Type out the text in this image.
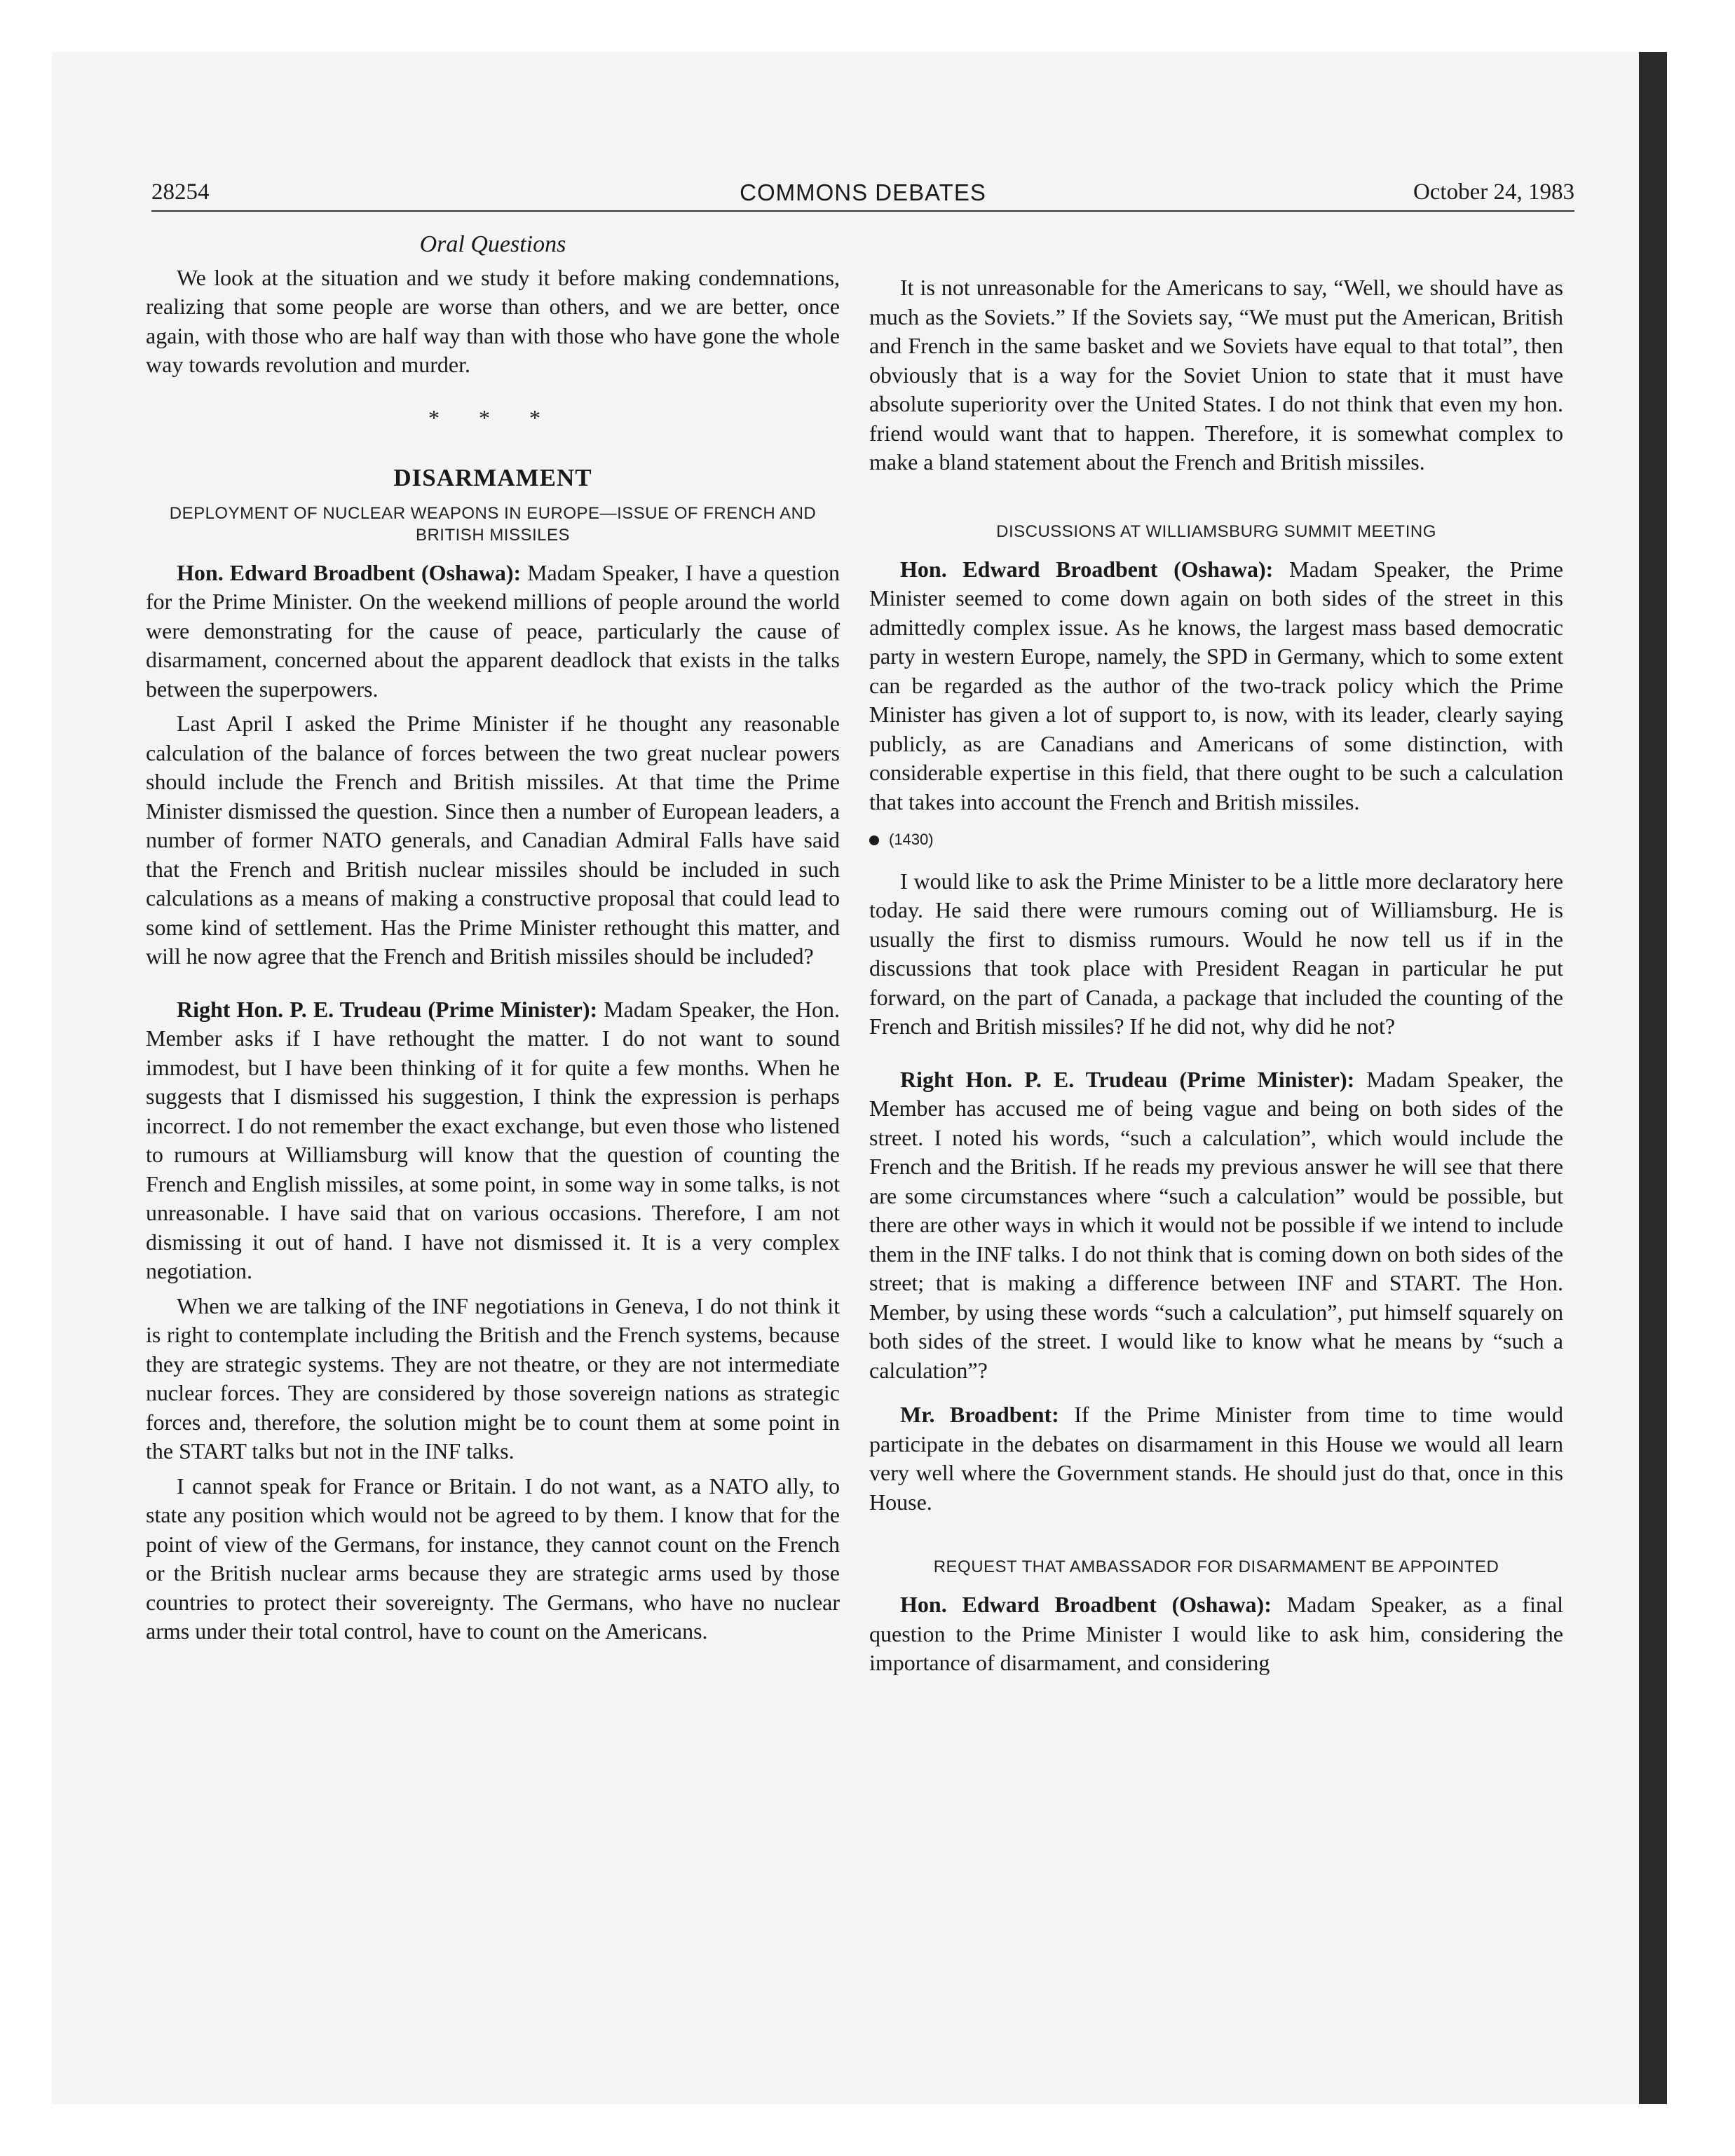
28254	COMMONS DEBATES	October 24, 1983
Oral Questions

We look at the situation and we study it before making condemnations, realizing that some people are worse than others, and we are better, once again, with those who are half way than with those who have gone the whole way towards revolution and murder.

* * *
DISARMAMENT
DEPLOYMENT OF NUCLEAR WEAPONS IN EUROPE—ISSUE OF FRENCH AND BRITISH MISSILES

Hon. Edward Broadbent (Oshawa): Madam Speaker, I have a question for the Prime Minister. On the weekend millions of people around the world were demonstrating for the cause of peace, particularly the cause of disarmament, concerned about the apparent deadlock that exists in the talks between the superpowers.

Last April I asked the Prime Minister if he thought any reasonable calculation of the balance of forces between the two great nuclear powers should include the French and British missiles. At that time the Prime Minister dismissed the question. Since then a number of European leaders, a number of former NATO generals, and Canadian Admiral Falls have said that the French and British nuclear missiles should be included in such calculations as a means of making a constructive proposal that could lead to some kind of settlement. Has the Prime Minister rethought this matter, and will he now agree that the French and British missiles should be included?

Right Hon. P. E. Trudeau (Prime Minister): Madam Speaker, the Hon. Member asks if I have rethought the matter. I do not want to sound immodest, but I have been thinking of it for quite a few months. When he suggests that I dismissed his suggestion, I think the expression is perhaps incorrect. I do not remember the exact exchange, but even those who listened to rumours at Williamsburg will know that the question of counting the French and English missiles, at some point, in some way in some talks, is not unreasonable. I have said that on various occasions. Therefore, I am not dismissing it out of hand. I have not dismissed it. It is a very complex negotiation.

When we are talking of the INF negotiations in Geneva, I do not think it is right to contemplate including the British and the French systems, because they are strategic systems. They are not theatre, or they are not intermediate nuclear forces. They are considered by those sovereign nations as strategic forces and, therefore, the solution might be to count them at some point in the START talks but not in the INF talks.

I cannot speak for France or Britain. I do not want, as a NATO ally, to state any position which would not be agreed to by them. I know that for the point of view of the Germans, for instance, they cannot count on the French or the British nuclear arms because they are strategic arms used by those countries to protect their sovereignty. The Germans, who have no nuclear arms under their total control, have to count on the Americans.

It is not unreasonable for the Americans to say, “Well, we should have as much as the Soviets.” If the Soviets say, “We must put the American, British and French in the same basket and we Soviets have equal to that total”, then obviously that is a way for the Soviet Union to state that it must have absolute superiority over the United States. I do not think that even my hon. friend would want that to happen. Therefore, it is somewhat complex to make a bland statement about the French and British missiles.

DISCUSSIONS AT WILLIAMSBURG SUMMIT MEETING

Hon. Edward Broadbent (Oshawa): Madam Speaker, the Prime Minister seemed to come down again on both sides of the street in this admittedly complex issue. As he knows, the largest mass based democratic party in western Europe, namely, the SPD in Germany, which to some extent can be regarded as the author of the two-track policy which the Prime Minister has given a lot of support to, is now, with its leader, clearly saying publicly, as are Canadians and Americans of some distinction, with considerable expertise in this field, that there ought to be such a calculation that takes into account the French and British missiles.

(1430)

I would like to ask the Prime Minister to be a little more declaratory here today. He said there were rumours coming out of Williamsburg. He is usually the first to dismiss rumours. Would he now tell us if in the discussions that took place with President Reagan in particular he put forward, on the part of Canada, a package that included the counting of the French and British missiles? If he did not, why did he not?

Right Hon. P. E. Trudeau (Prime Minister): Madam Speaker, the Member has accused me of being vague and being on both sides of the street. I noted his words, “such a calculation”, which would include the French and the British. If he reads my previous answer he will see that there are some circumstances where “such a calculation” would be possible, but there are other ways in which it would not be possible if we intend to include them in the INF talks. I do not think that is coming down on both sides of the street; that is making a difference between INF and START. The Hon. Member, by using these words “such a calculation”, put himself squarely on both sides of the street. I would like to know what he means by “such a calculation”?

Mr. Broadbent: If the Prime Minister from time to time would participate in the debates on disarmament in this House we would all learn very well where the Government stands. He should just do that, once in this House.

REQUEST THAT AMBASSADOR FOR DISARMAMENT BE APPOINTED

Hon. Edward Broadbent (Oshawa): Madam Speaker, as a final question to the Prime Minister I would like to ask him, considering the importance of disarmament, and considering
